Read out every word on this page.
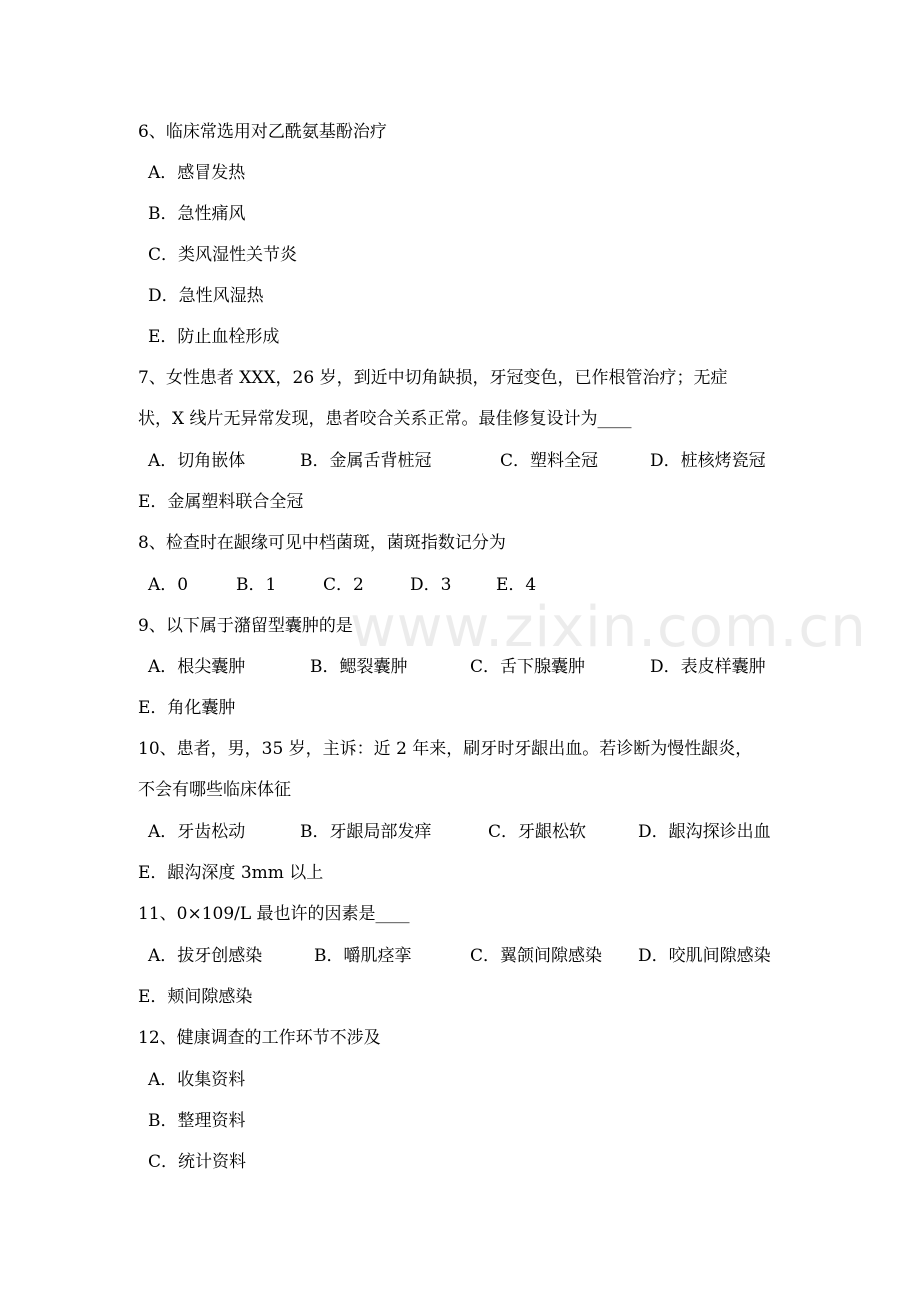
www.zixin.com.cn
6、临床常选用对乙酰氨基酚治疗
A．感冒发热
B．急性痛风
C．类风湿性关节炎
D．急性风湿热
E．防止血栓形成
7、女性患者 XXX，26 岁，到近中切角缺损，牙冠变色，已作根管治疗；无症
状，X 线片无异常发现，患者咬合关系正常。最佳修复设计为____
A．切角嵌体	B．金属舌背桩冠	C．塑料全冠	D．桩核烤瓷冠
E．金属塑料联合全冠
8、检查时在龈缘可见中档菌斑，菌斑指数记分为
A．0	B．1	C．2	D．3	E．4
9、以下属于潴留型囊肿的是
A．根尖囊肿	B．鳃裂囊肿	C．舌下腺囊肿	D．表皮样囊肿
E．角化囊肿
10、患者，男，35 岁，主诉：近 2 年来，刷牙时牙龈出血。若诊断为慢性龈炎，
不会有哪些临床体征
A．牙齿松动	B．牙龈局部发痒	C．牙龈松软	D．龈沟探诊出血
E．龈沟深度 3mm 以上
11、0×109/L 最也许的因素是____
A．拔牙创感染	B．嚼肌痉挛	C．翼颌间隙感染 D．咬肌间隙感染
E．颊间隙感染
12、健康调查的工作环节不涉及
A．收集资料
B．整理资料
C．统计资料
